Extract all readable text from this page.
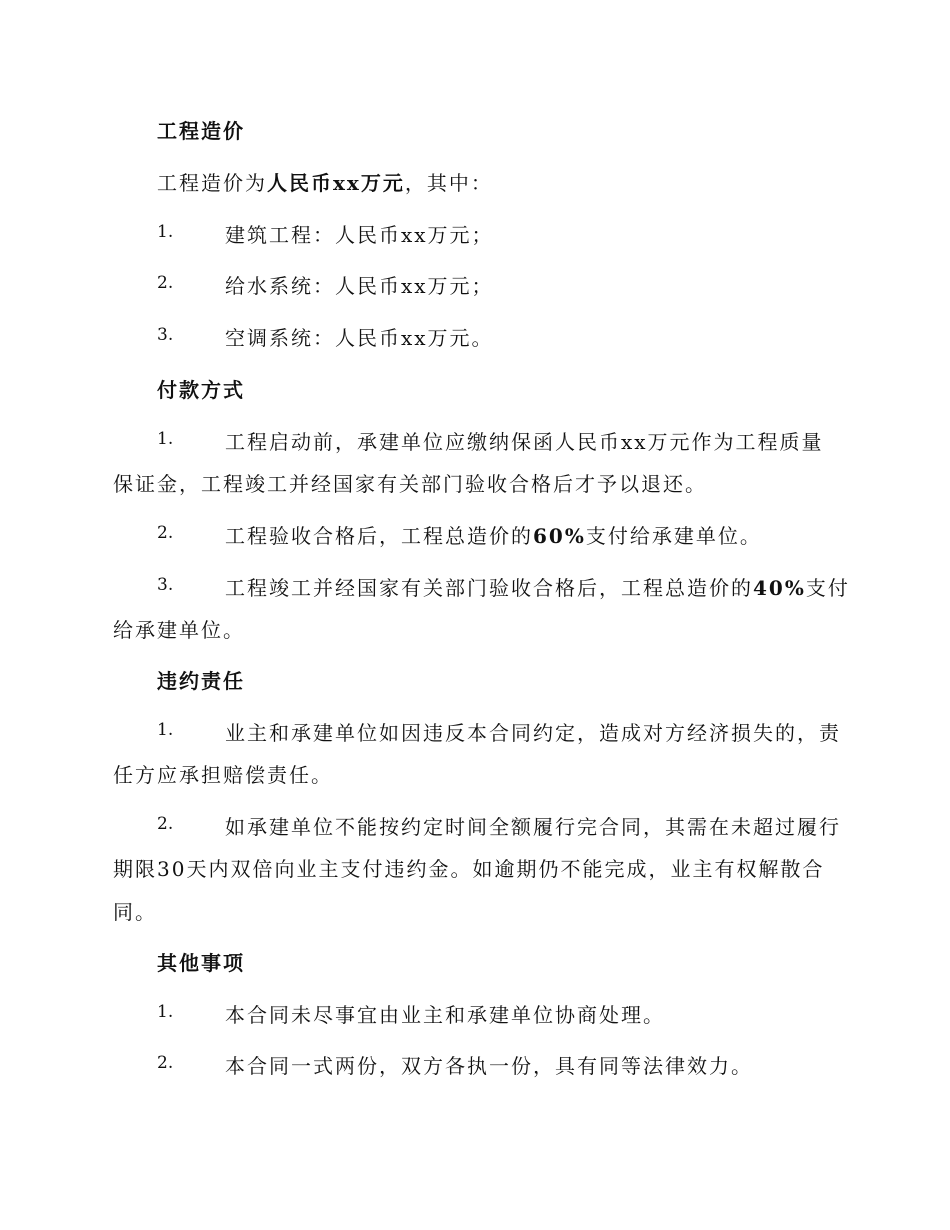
工程造价
工程造价为人民币xx万元，其中：
1.	建筑工程：人民币xx万元；
2.	给水系统：人民币xx万元；
3.	空调系统：人民币xx万元。
付款方式
1.	工程启动前，承建单位应缴纳保函人民币xx万元作为工程质量
保证金，工程竣工并经国家有关部门验收合格后才予以退还。
2.	工程验收合格后，工程总造价的60%支付给承建单位。
3.	工程竣工并经国家有关部门验收合格后，工程总造价的40%支付
给承建单位。
违约责任
1.	业主和承建单位如因违反本合同约定，造成对方经济损失的，责
任方应承担赔偿责任。
2.	如承建单位不能按约定时间全额履行完合同，其需在未超过履行
期限30天内双倍向业主支付违约金。如逾期仍不能完成，业主有权解散合
同。
其他事项
1.	本合同未尽事宜由业主和承建单位协商处理。
2.	本合同一式两份，双方各执一份，具有同等法律效力。
